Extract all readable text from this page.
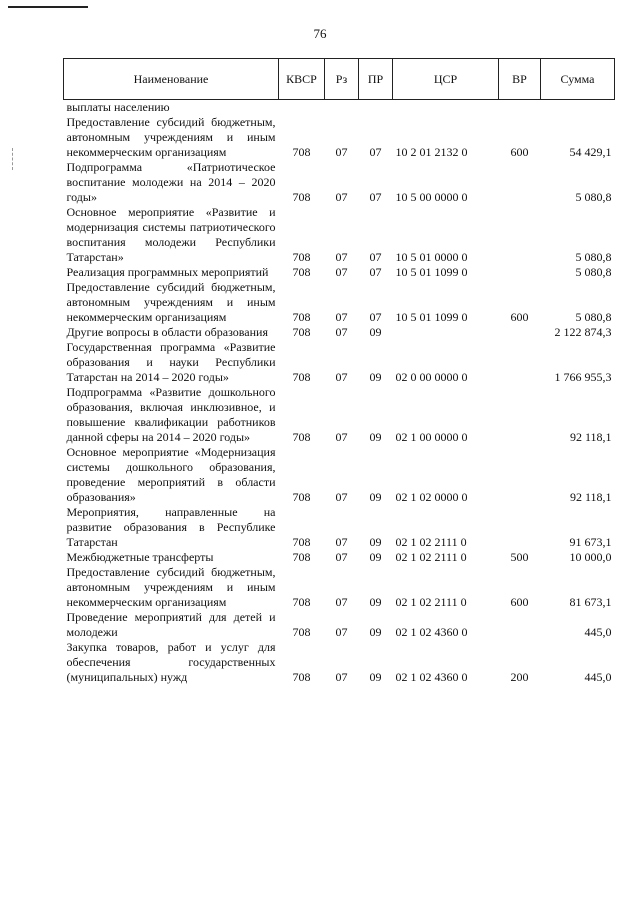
76
Наименование	КВСР	Рз	ПР	ЦСР	ВР	Сумма
выплаты населению						
Предоставление субсидий бюджетным, автономным учреждениям и иным некоммерческим организациям	708	07	07	10 2 01 2132 0	600	54 429,1
Подпрограмма «Патриотическое воспитание молодежи на 2014 – 2020 годы»	708	07	07	10 5 00 0000 0		5 080,8
Основное мероприятие «Развитие и модернизация системы патриотического воспитания молодежи Республики Татарстан»	708	07	07	10 5 01 0000 0		5 080,8
Реализация программных мероприятий	708	07	07	10 5 01 1099 0		5 080,8
Предоставление субсидий бюджетным, автономным учреждениям и иным некоммерческим организациям	708	07	07	10 5 01 1099 0	600	5 080,8
Другие вопросы в области образования	708	07	09			2 122 874,3
Государственная программа «Развитие образования и науки Республики Татарстан на 2014 – 2020 годы»	708	07	09	02 0 00 0000 0		1 766 955,3
Подпрограмма «Развитие дошкольного образования, включая инклюзивное, и повышение квалификации работников данной сферы на 2014 – 2020 годы»	708	07	09	02 1 00 0000 0		92 118,1
Основное мероприятие «Модернизация системы дошкольного образования, проведение мероприятий в области образования»	708	07	09	02 1 02 0000 0		92 118,1
Мероприятия, направленные на развитие образования в Республике Татарстан	708	07	09	02 1 02 2111 0		91 673,1
Межбюджетные трансферты	708	07	09	02 1 02 2111 0	500	10 000,0
Предоставление субсидий бюджетным, автономным учреждениям и иным некоммерческим организациям	708	07	09	02 1 02 2111 0	600	81 673,1
Проведение мероприятий для детей и молодежи	708	07	09	02 1 02 4360 0		445,0
Закупка товаров, работ и услуг для обеспечения государственных (муниципальных) нужд	708	07	09	02 1 02 4360 0	200	445,0
